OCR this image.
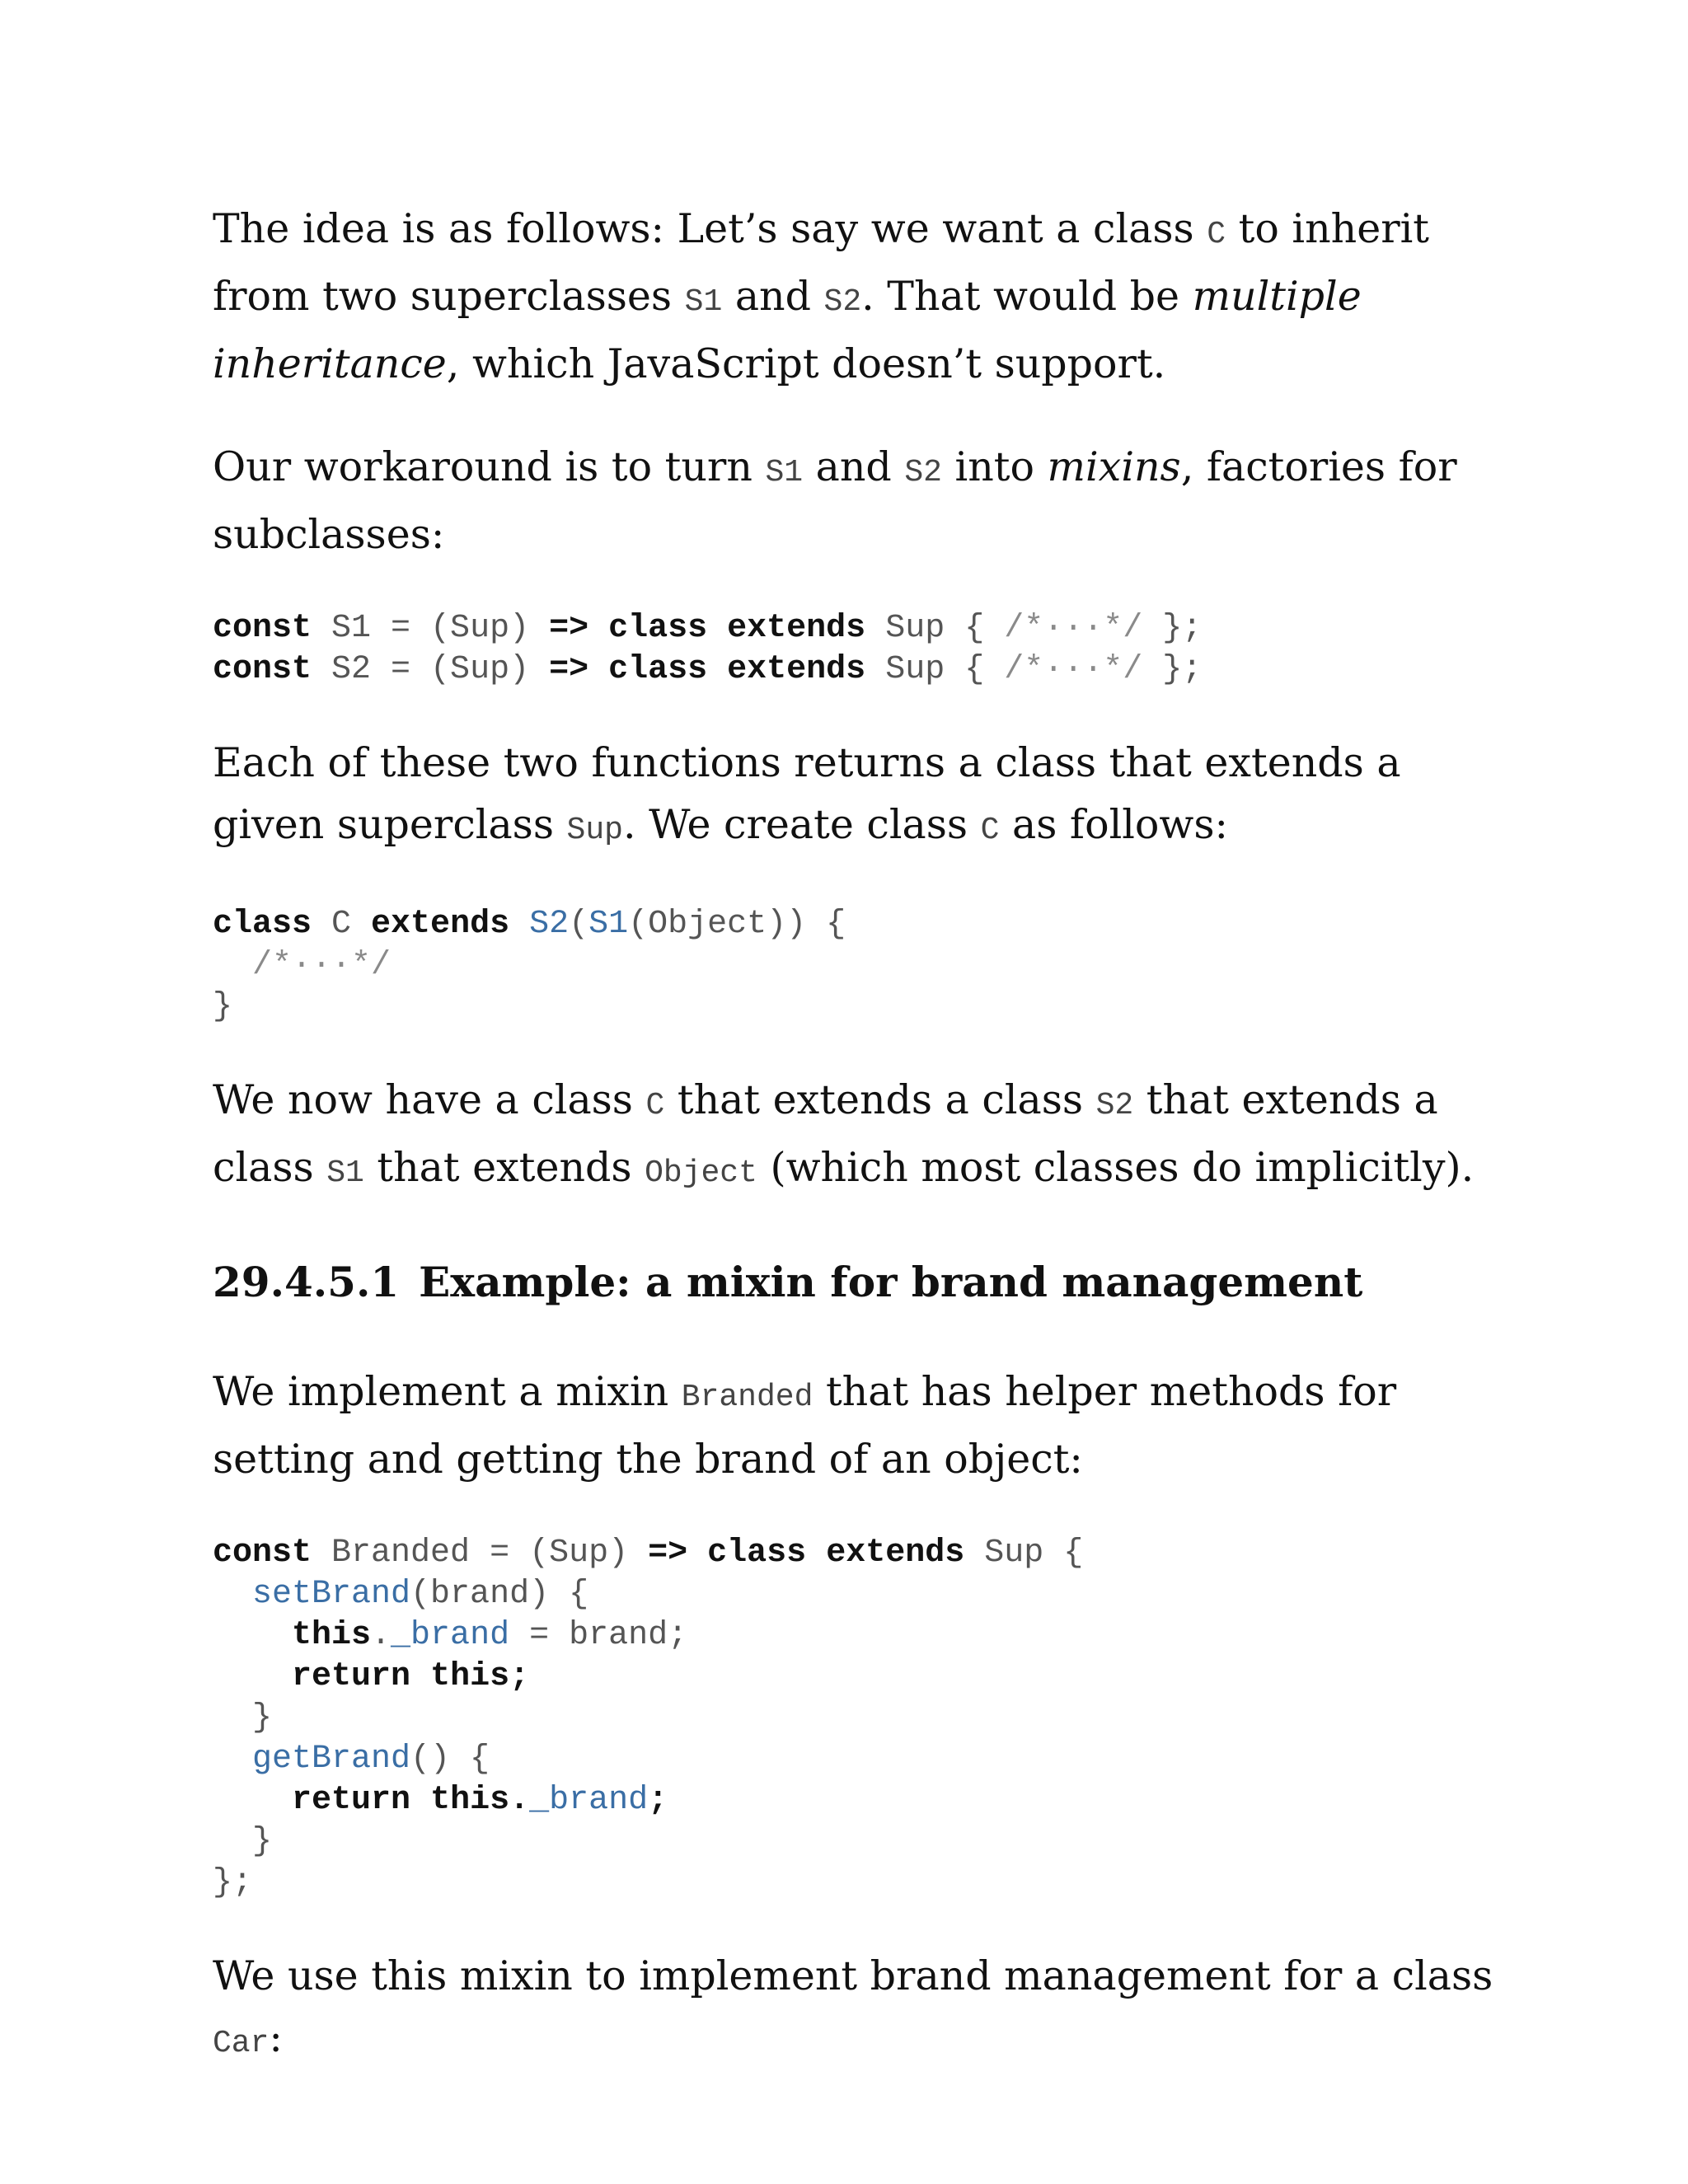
The idea is as follows: Let’s say we want a class C to inherit from two superclasses S1 and S2. That would be multiple inheritance, which JavaScript doesn’t support.

Our workaround is to turn S1 and S2 into mixins, factories for subclasses:

const S1 = (Sup) => class extends Sup { /*···*/ };
const S2 = (Sup) => class extends Sup { /*···*/ };

Each of these two functions returns a class that extends a given superclass Sup. We create class C as follows:

class C extends S2(S1(Object)) {
/*···*/
}

We now have a class C that extends a class S2 that extends a class S1 that extends Object (which most classes do implicitly).

29.4.5.1 Example: a mixin for brand management

We implement a mixin Branded that has helper methods for setting and getting the brand of an object:

const Branded = (Sup) => class extends Sup {
setBrand(brand) {
this._brand = brand;
return this;
}
getBrand() {
return this._brand;
}
};

We use this mixin to implement brand management for a class Car:
